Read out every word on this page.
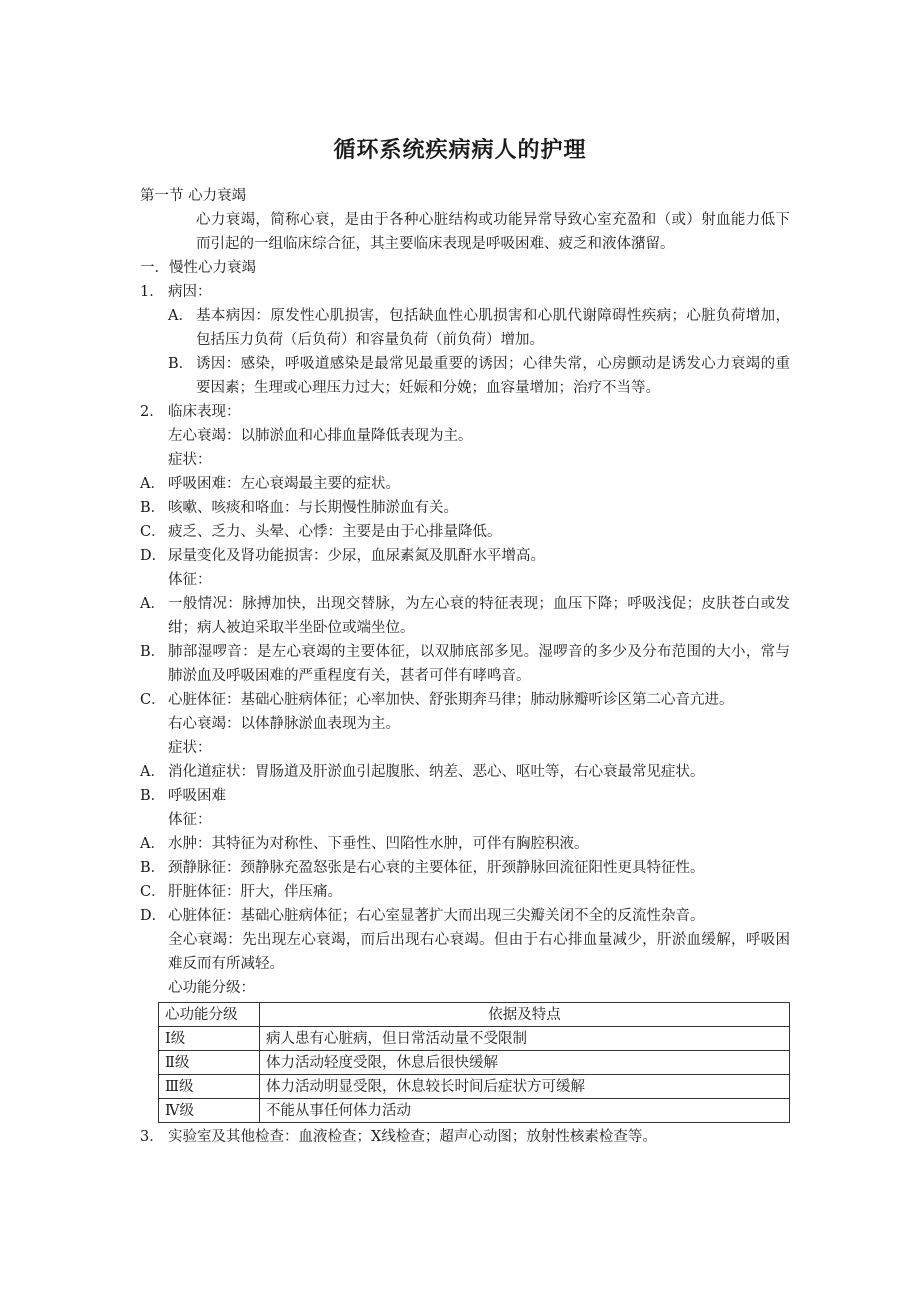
循环系统疾病病人的护理
第一节 心力衰竭
心力衰竭，简称心衰，是由于各种心脏结构或功能异常导致心室充盈和（或）射血能力低下而引起的一组临床综合征，其主要临床表现是呼吸困难、疲乏和液体潴留。
一．慢性心力衰竭
1． 病因：
A． 基本病因：原发性心肌损害，包括缺血性心肌损害和心肌代谢障碍性疾病；心脏负荷增加，包括压力负荷（后负荷）和容量负荷（前负荷）增加。
B． 诱因：感染，呼吸道感染是最常见最重要的诱因；心律失常，心房颤动是诱发心力衰竭的重要因素；生理或心理压力过大；妊娠和分娩；血容量增加；治疗不当等。
2． 临床表现：
左心衰竭：以肺淤血和心排血量降低表现为主。
症状：
A． 呼吸困难：左心衰竭最主要的症状。
B． 咳嗽、咳痰和咯血：与长期慢性肺淤血有关。
C． 疲乏、乏力、头晕、心悸：主要是由于心排量降低。
D． 尿量变化及肾功能损害：少尿，血尿素氮及肌酐水平增高。
体征：
A． 一般情况：脉搏加快，出现交替脉，为左心衰的特征表现；血压下降；呼吸浅促；皮肤苍白或发绀；病人被迫采取半坐卧位或端坐位。
B． 肺部湿啰音：是左心衰竭的主要体征，以双肺底部多见。湿啰音的多少及分布范围的大小，常与肺淤血及呼吸困难的严重程度有关，甚者可伴有哮鸣音。
C． 心脏体征：基础心脏病体征；心率加快、舒张期奔马律；肺动脉瓣听诊区第二心音亢进。
右心衰竭：以体静脉淤血表现为主。
症状：
A． 消化道症状：胃肠道及肝淤血引起腹胀、纳差、恶心、呕吐等，右心衰最常见症状。
B． 呼吸困难
体征：
A． 水肿：其特征为对称性、下垂性、凹陷性水肿，可伴有胸腔积液。
B． 颈静脉征：颈静脉充盈怒张是右心衰的主要体征，肝颈静脉回流征阳性更具特征性。
C． 肝脏体征：肝大，伴压痛。
D． 心脏体征：基础心脏病体征；右心室显著扩大而出现三尖瓣关闭不全的反流性杂音。
全心衰竭：先出现左心衰竭，而后出现右心衰竭。但由于右心排血量减少，肝淤血缓解，呼吸困难反而有所减轻。
心功能分级：
心功能分级	依据及特点
Ⅰ级	病人患有心脏病，但日常活动量不受限制
Ⅱ级	体力活动轻度受限，休息后很快缓解
Ⅲ级	体力活动明显受限，休息较长时间后症状方可缓解
Ⅳ级	不能从事任何体力活动
3． 实验室及其他检查：血液检查；X线检查；超声心动图；放射性核素检查等。
